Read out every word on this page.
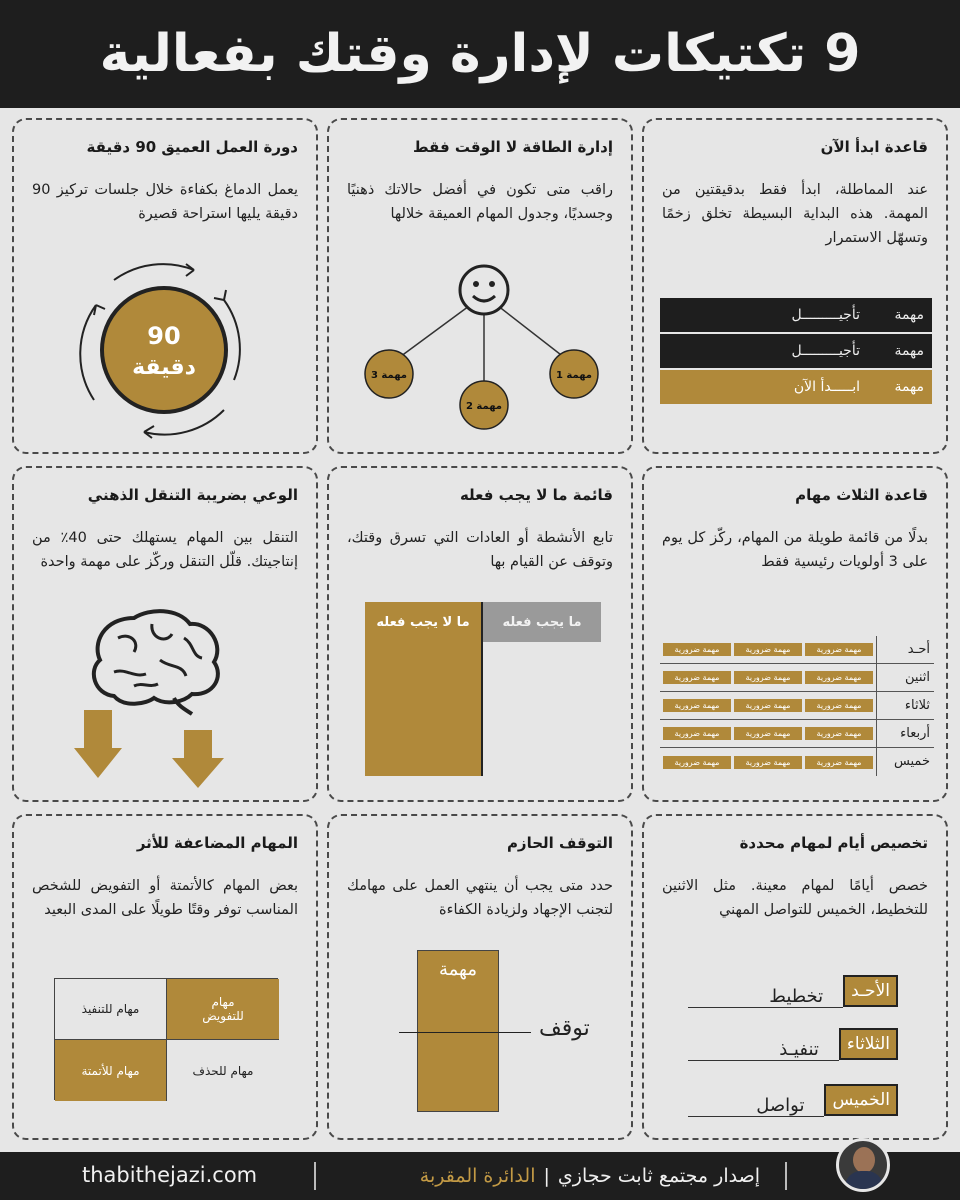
9 تكتيكات لإدارة وقتك بفعالية
قاعدة ابدأ الآن

عند المماطلة، ابدأ فقط بدقيقتين من المهمة. هذه البداية البسيطة تخلق زخمًا وتسهّل الاستمرار

مهمة
تأجيـــــــــل
مهمة
تأجيـــــــــل
مهمة
ابـــــدأ الآن
إدارة الطاقة لا الوقت فقط

راقب متى تكون في أفضل حالاتك ذهنيًا وجسديًا، وجدول المهام العميقة خلالها

مهمة 3
مهمة 2
مهمة 1
دورة العمل العميق 90 دقيقة

يعمل الدماغ بكفاءة خلال جلسات تركيز 90 دقيقة يليها استراحة قصيرة

90
دقيقة
قاعدة الثلاث مهام

بدلًا من قائمة طويلة من المهام، ركّز كل يوم على 3 أولويات رئيسية فقط

أحـد
مهمة ضرورية
مهمة ضرورية
مهمة ضرورية
اثنين
مهمة ضرورية
مهمة ضرورية
مهمة ضرورية
ثلاثاء
مهمة ضرورية
مهمة ضرورية
مهمة ضرورية
أربعاء
مهمة ضرورية
مهمة ضرورية
مهمة ضرورية
خميس
مهمة ضرورية
مهمة ضرورية
مهمة ضرورية
قائمة ما لا يجب فعله

تابع الأنشطة أو العادات التي تسرق وقتك، وتوقف عن القيام بها

ما يجب فعله
ما لا يجب فعله
الوعي بضريبة التنقل الذهني

التنقل بين المهام يستهلك حتى 40٪ من إنتاجيتك. قلّل التنقل وركّز على مهمة واحدة

تخصيص أيام لمهام محددة

خصص أيامًا لمهام معينة. مثل الاثنين للتخطيط، الخميس للتواصل المهني

الأحـد
تخطيط
الثلاثاء
تنفيـذ
الخميس
تواصل
التوقف الحازم

حدد متى يجب أن ينتهي العمل على مهامك لتجنب الإجهاد ولزيادة الكفاءة

مهمة
توقف
المهام المضاعفة للأثر

بعض المهام كالأتمتة أو التفويض للشخص المناسب توفر وقتًا طويلًا على المدى البعيد

مهام للتنفيذ	مهام للتفويض
مهام للأتمتة	مهام للحذف
إصدار مجتمع ثابت حجازي
|
الدائرة المقربة
thabithejazi.com
